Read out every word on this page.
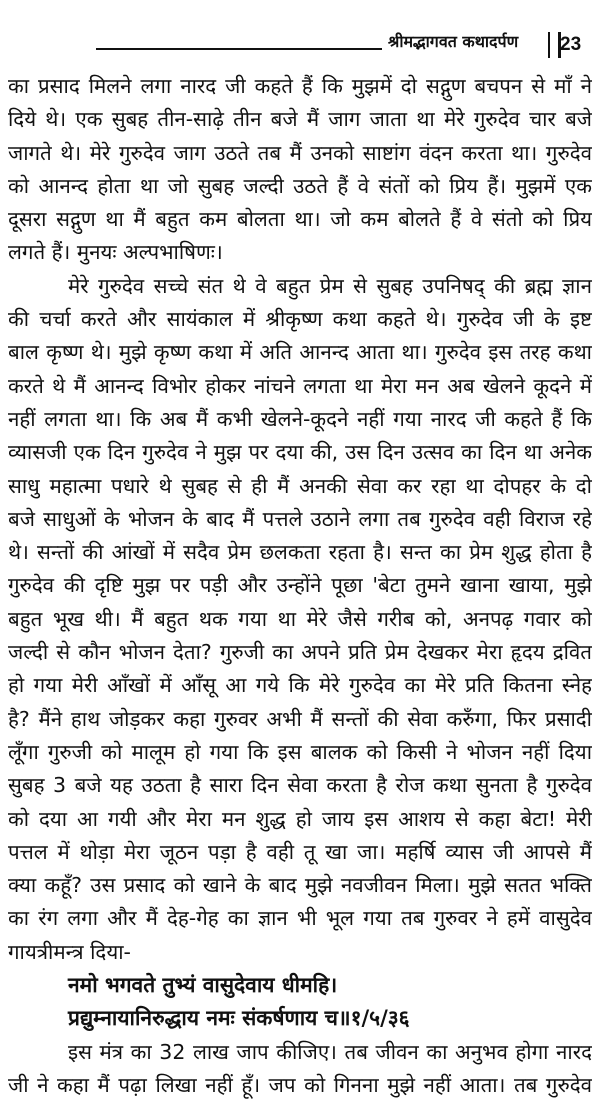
श्रीमद्भागवत कथादर्पण 23
का प्रसाद मिलने लगा नारद जी कहते हैं कि मुझमें दो सद्गुण बचपन से माँ ने
दिये थे। एक सुबह तीन-साढ़े तीन बजे मैं जाग जाता था मेरे गुरुदेव चार बजे
जागते थे। मेरे गुरुदेव जाग उठते तब मैं उनको साष्टांग वंदन करता था। गुरुदेव
को आनन्द होता था जो सुबह जल्दी उठते हैं वे संतों को प्रिय हैं। मुझमें एक
दूसरा सद्गुण था मैं बहुत कम बोलता था। जो कम बोलते हैं वे संतो को प्रिय
लगते हैं। मुनयः अल्पभाषिणः।
मेरे गुरुदेव सच्चे संत थे वे बहुत प्रेम से सुबह उपनिषद् की ब्रह्म ज्ञान
की चर्चा करते और सायंकाल में श्रीकृष्ण कथा कहते थे। गुरुदेव जी के इष्ट
बाल कृष्ण थे। मुझे कृष्ण कथा में अति आनन्द आता था। गुरुदेव इस तरह कथा
करते थे मैं आनन्द विभोर होकर नांचने लगता था मेरा मन अब खेलने कूदने में
नहीं लगता था। कि अब मैं कभी खेलने-कूदने नहीं गया नारद जी कहते हैं कि
व्यासजी एक दिन गुरुदेव ने मुझ पर दया की, उस दिन उत्सव का दिन था अनेक
साधु महात्मा पधारे थे सुबह से ही मैं अनकी सेवा कर रहा था दोपहर के दो
बजे साधुओं के भोजन के बाद मैं पत्तले उठाने लगा तब गुरुदेव वही विराज रहे
थे। सन्तों की आंखों में सदैव प्रेम छलकता रहता है। सन्त का प्रेम शुद्ध होता है
गुरुदेव की दृष्टि मुझ पर पड़ी और उन्होंने पूछा 'बेटा तुमने खाना खाया, मुझे
बहुत भूख थी। मैं बहुत थक गया था मेरे जैसे गरीब को, अनपढ़ गवार को
जल्दी से कौन भोजन देता? गुरुजी का अपने प्रति प्रेम देखकर मेरा हृदय द्रवित
हो गया मेरी आँखों में आँसू आ गये कि मेरे गुरुदेव का मेरे प्रति कितना स्नेह
है? मैंने हाथ जोड़कर कहा गुरुवर अभी मैं सन्तों की सेवा करुँगा, फिर प्रसादी
लूँगा गुरुजी को मालूम हो गया कि इस बालक को किसी ने भोजन नहीं दिया
सुबह 3 बजे यह उठता है सारा दिन सेवा करता है रोज कथा सुनता है गुरुदेव
को दया आ गयी और मेरा मन शुद्ध हो जाय इस आशय से कहा बेटा! मेरी
पत्तल में थोड़ा मेरा जूठन पड़ा है वही तू खा जा। महर्षि व्यास जी आपसे मैं
क्या कहूँ? उस प्रसाद को खाने के बाद मुझे नवजीवन मिला। मुझे सतत भक्ति
का रंग लगा और मैं देह-गेह का ज्ञान भी भूल गया तब गुरुवर ने हमें वासुदेव
गायत्रीमन्त्र दिया-
नमो भगवते तुभ्यं वासुदेवाय धीमहि।
प्रद्युम्नायानिरुद्धाय नमः संकर्षणाय च॥१/५/३६
इस मंत्र का 32 लाख जाप कीजिए। तब जीवन का अनुभव होगा नारद
जी ने कहा मैं पढ़ा लिखा नहीं हूँ। जप को गिनना मुझे नहीं आता। तब गुरुदेव
